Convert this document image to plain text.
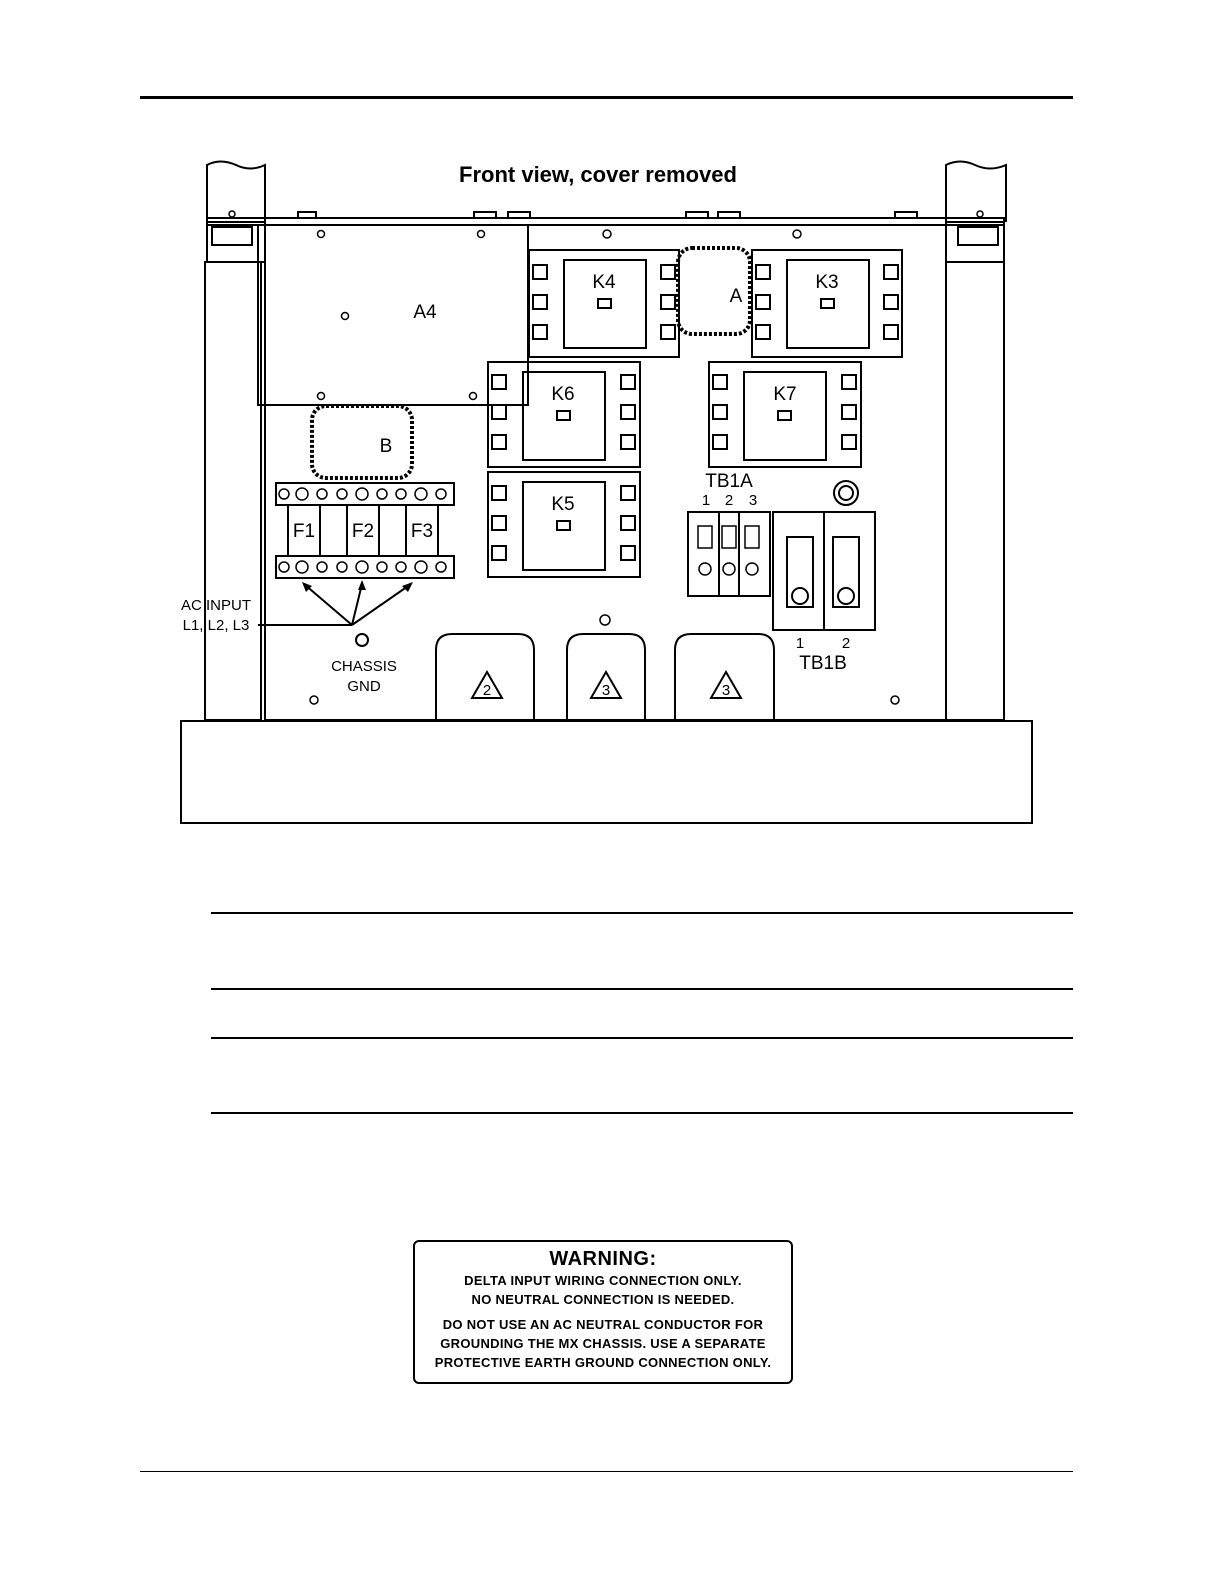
Front view, cover removed
A4
A
B
K4	K3
K6	K7
K5
F1 F2 F3
TB1A
1 2 3
1	2
TB1B
AC INPUT
L1, L2, L3
CHASSIS
GND	2	3	3
WARNING:
DELTA INPUT WIRING CONNECTION ONLY.
NO NEUTRAL CONNECTION IS NEEDED.
DO NOT USE AN AC NEUTRAL CONDUCTOR FOR
GROUNDING THE MX CHASSIS. USE A SEPARATE
PROTECTIVE EARTH GROUND CONNECTION ONLY.
